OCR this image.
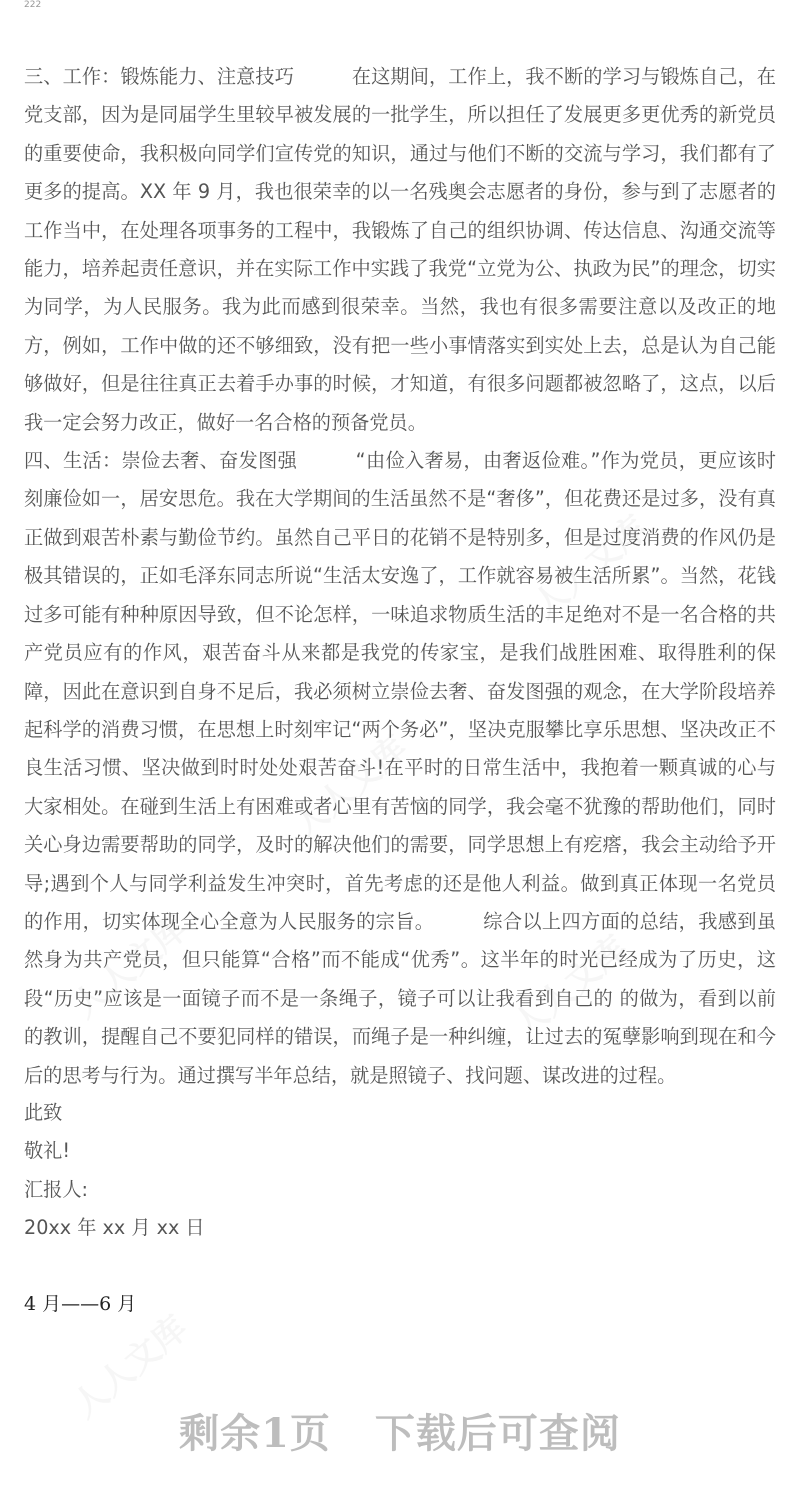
222

三、工作：锻炼能力、注意技巧　　　在这期间，工作上，我不断的学习与锻炼自己，在党支部，因为是同届学生里较早被发展的一批学生，所以担任了发展更多更优秀的新党员的重要使命，我积极向同学们宣传党的知识，通过与他们不断的交流与学习，我们都有了更多的提高。XX 年 9 月，我也很荣幸的以一名残奥会志愿者的身份，参与到了志愿者的工作当中，在处理各项事务的工程中，我锻炼了自己的组织协调、传达信息、沟通交流等能力，培养起责任意识，并在实际工作中实践了我党“立党为公、执政为民”的理念，切实为同学，为人民服务。我为此而感到很荣幸。当然，我也有很多需要注意以及改正的地方，例如，工作中做的还不够细致，没有把一些小事情落实到实处上去，总是认为自己能够做好，但是往往真正去着手办事的时候，才知道，有很多问题都被忽略了，这点，以后我一定会努力改正，做好一名合格的预备党员。

四、生活：崇俭去奢、奋发图强　　　“由俭入奢易，由奢返俭难。”作为党员，更应该时刻廉俭如一，居安思危。我在大学期间的生活虽然不是“奢侈”，但花费还是过多，没有真正做到艰苦朴素与勤俭节约。虽然自己平日的花销不是特别多，但是过度消费的作风仍是极其错误的，正如毛泽东同志所说“生活太安逸了，工作就容易被生活所累”。当然，花钱过多可能有种种原因导致，但不论怎样，一味追求物质生活的丰足绝对不是一名合格的共产党员应有的作风，艰苦奋斗从来都是我党的传家宝，是我们战胜困难、取得胜利的保障，因此在意识到自身不足后，我必须树立崇俭去奢、奋发图强的观念，在大学阶段培养起科学的消费习惯，在思想上时刻牢记“两个务必”，坚决克服攀比享乐思想、坚决改正不良生活习惯、坚决做到时时处处艰苦奋斗!在平时的日常生活中，我抱着一颗真诚的心与大家相处。在碰到生活上有困难或者心里有苦恼的同学，我会毫不犹豫的帮助他们，同时关心身边需要帮助的同学，及时的解决他们的需要，同学思想上有疙瘩，我会主动给予开导;遇到个人与同学利益发生冲突时，首先考虑的还是他人利益。做到真正体现一名党员的作用，切实体现全心全意为人民服务的宗旨。　　　综合以上四方面的总结，我感到虽然身为共产党员，但只能算“合格”而不能成“优秀”。这半年的时光已经成为了历史，这段“历史”应该是一面镜子而不是一条绳子，镜子可以让我看到自己的 的做为，看到以前的教训，提醒自己不要犯同样的错误，而绳子是一种纠缠，让过去的冤孽影响到现在和今后的思考与行为。通过撰写半年总结，就是照镜子、找问题、谋改进的过程。

此致
敬礼!
汇报人:
20xx 年 xx 月 xx 日
4 月——6 月
剩余1页 下载后可查阅
